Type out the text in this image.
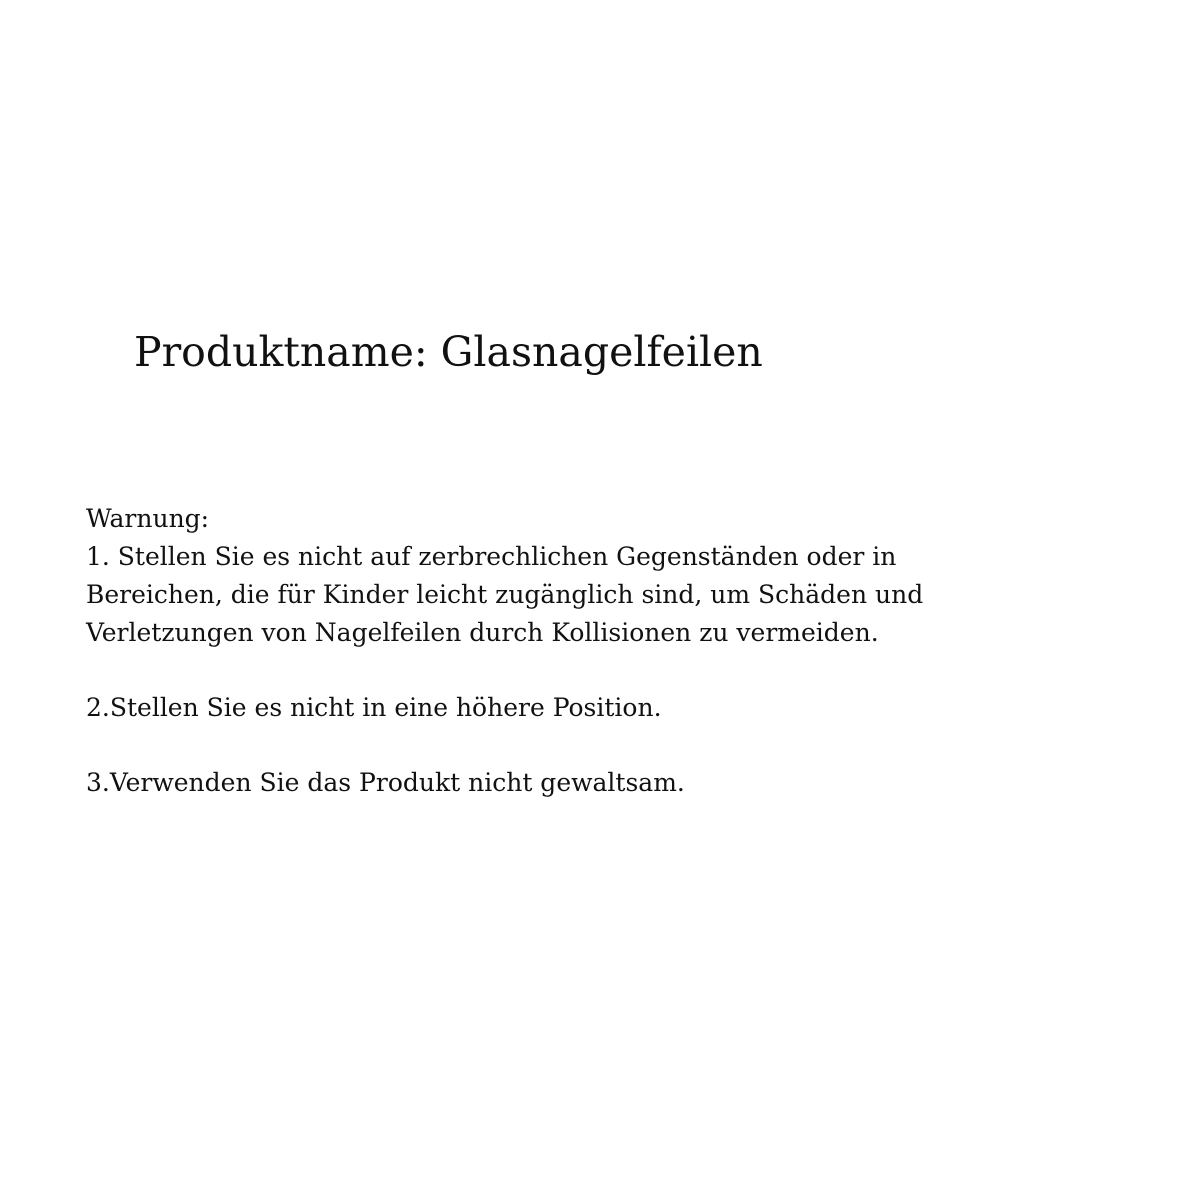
Produktname: Glasnagelfeilen

Warnung:

1. Stellen Sie es nicht auf zerbrechlichen Gegenständen oder in

Bereichen, die für Kinder leicht zugänglich sind, um Schäden und

Verletzungen von Nagelfeilen durch Kollisionen zu vermeiden.

2.Stellen Sie es nicht in eine höhere Position.

3.Verwenden Sie das Produkt nicht gewaltsam.
